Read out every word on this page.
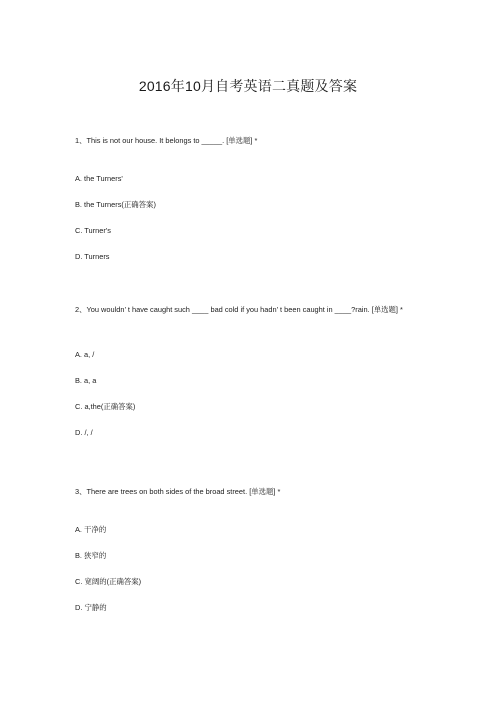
2016年10月自考英语二真题及答案
1、This is not our house. It belongs to _____. [单选题] *
A. the Turners'
B. the Turners(正确答案)
C. Turner's
D. Turners
2、You wouldn’ t have caught such ____ bad cold if you hadn’ t been caught in ____?rain. [单选题] *
A. a, /
B. a, a
C. a,the(正确答案)
D. /, /
3、There are trees on both sides of the broad street. [单选题] *
A. 干净的
B. 狭窄的
C. 宽阔的(正确答案)
D. 宁静的
